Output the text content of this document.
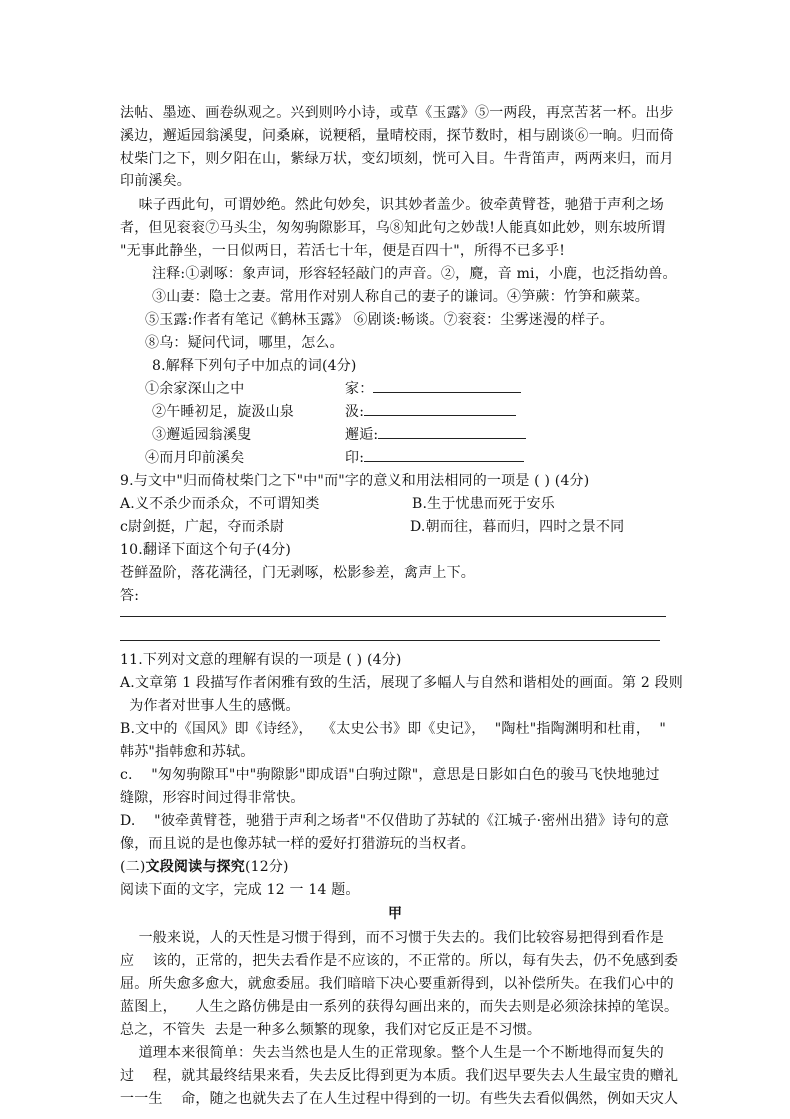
法帖、墨迹、画卷纵观之。兴到则吟小诗，或草《玉露》⑤一两段，再烹苦茗一杯。出步
溪边，邂逅园翁溪叟，问桑麻，说粳稻，量晴校雨，探节数时，相与剧谈⑥一晌。归而倚
杖柴门之下，则夕阳在山，紫绿万状，变幻顷刻，恍可入目。牛背笛声，两两来归，而月
印前溪矣。
味子西此句，可谓妙绝。然此句妙矣，识其妙者盖少。彼牵黄臂苍，驰猎于声利之场
者，但见衮衮⑦马头尘，匆匆驹隙影耳，乌⑧知此句之妙哉!人能真如此妙，则东坡所谓
"无事此静坐，一日似两日，若活七十年，便是百四十"，所得不已多乎!
注释:①剥啄：象声词，形容轻轻敲门的声音。②，麑，音 mi，小鹿，也泛指幼兽。
③山妻：隐士之妻。常用作对别人称自己的妻子的谦词。④笋蕨：竹笋和蕨菜。
⑤玉露:作者有笔记《鹤林玉露》 ⑥剧谈:畅谈。⑦衮衮：尘雾迷漫的样子。
⑧乌：疑问代词，哪里，怎么。
8.解释下列句子中加点的词(4分)
①余家深山之中	家：
②午睡初足，旋汲山泉	汲:
③邂逅园翁溪叟	邂逅:
④而月印前溪矣	印:
9.与文中"归而倚杖柴门之下"中"而"字的意义和用法相同的一项是 ( ) (4分)
A.义不杀少而杀众，不可谓知类	B.生于忧患而死于安乐
c尉剑挺，广起，夺而杀尉	D.朝而往，暮而归，四时之景不同
10.翻译下面这个句子(4分)
苍鲜盈阶，落花满径，门无剥啄，松影参差，禽声上下。
答:
11.下列对文意的理解有误的一项是 ( ) (4分)
A.文章第 1 段描写作者闲雅有致的生活，展现了多幅人与自然和谐相处的画面。第 2 段则
为作者对世事人生的感慨。
B.文中的《国风》即《诗经》，  《太史公书》即《史记》，  "陶杜"指陶渊明和杜甫，  "
韩苏"指韩愈和苏轼。
c.    "匆匆驹隙耳"中"驹隙影"即成语"白驹过隙"，意思是日影如白色的骏马飞快地驰过
缝隙，形容时间过得非常快。
D.    "彼牵黄臂苍，驰猎于声利之场者"不仅借助了苏轼的《江城子·密州出猎》诗句的意
像，而且说的是也像苏轼一样的爱好打猎游玩的当权者。
(二)文段阅读与探究(12分)
阅读下面的文字，完成 12 一 14 题。
甲
一般来说，人的天性是习惯于得到，而不习惯于失去的。我们比较容易把得到看作是
应    该的，正常的，把失去看作是不应该的，不正常的。所以，每有失去，仍不免感到委
屈。所失愈多愈大，就愈委屈。我们暗暗下决心要重新得到，以补偿所失。在我们心中的
蓝图上，    人生之路仿佛是由一系列的获得勾画出来的，而失去则是必须涂抹掉的笔误。
总之，不管失  去是一种多么频繁的现象，我们对它反正是不习惯。
道理本来很简单：失去当然也是人生的正常现象。整个人生是一个不断地得而复失的
过    程，就其最终结果来看，失去反比得到更为本质。我们迟早要失去人生最宝贵的赠礼
一一生    命，随之也就失去了在人生过程中得到的一切。有些失去看似偶然，例如天灾人
